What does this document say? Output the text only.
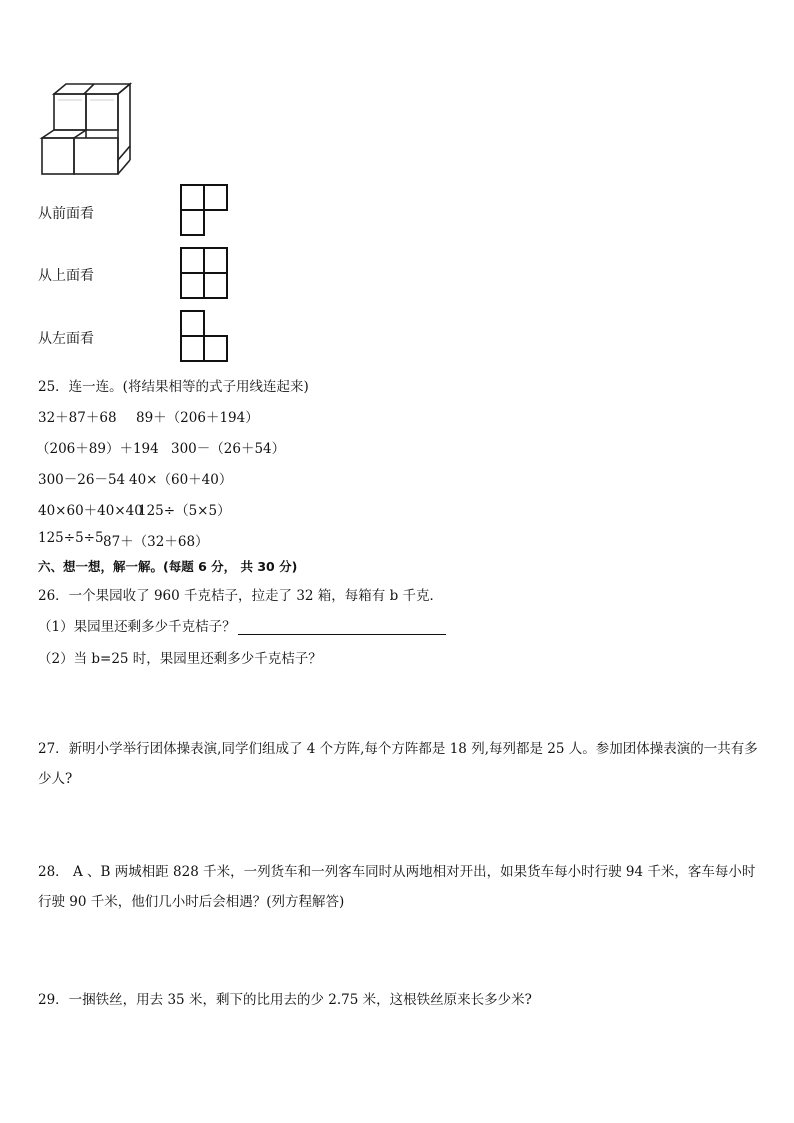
从前面看
从上面看
从左面看
25．连一连。(将结果相等的式子用线连起来)
32＋87＋68 89＋（206＋194）
（206＋89）＋194 300－（26＋54）
300－26－54 40×（60＋40）
40×60＋40×40
125÷（5×5）
125÷5÷5 87＋（32＋68）
六、想一想，解一解。(每题 6 分， 共 30 分)
26．一个果园收了 960 千克桔子，拉走了 32 箱，每箱有 b 千克．
（1）果园里还剩多少千克桔子？
（2）当 b=25 时，果园里还剩多少千克桔子？
27．新明小学举行团体操表演,同学们组成了 4 个方阵,每个方阵都是 18 列,每列都是 25 人。参加团体操表演的一共有多少人?
28． A 、B 两城相距 828 千米，一列货车和一列客车同时从两地相对开出，如果货车每小时行驶 94 千米，客车每小时行驶 90 千米，他们几小时后会相遇？(列方程解答)
29．一捆铁丝，用去 35 米，剩下的比用去的少 2.75 米，这根铁丝原来长多少米?
